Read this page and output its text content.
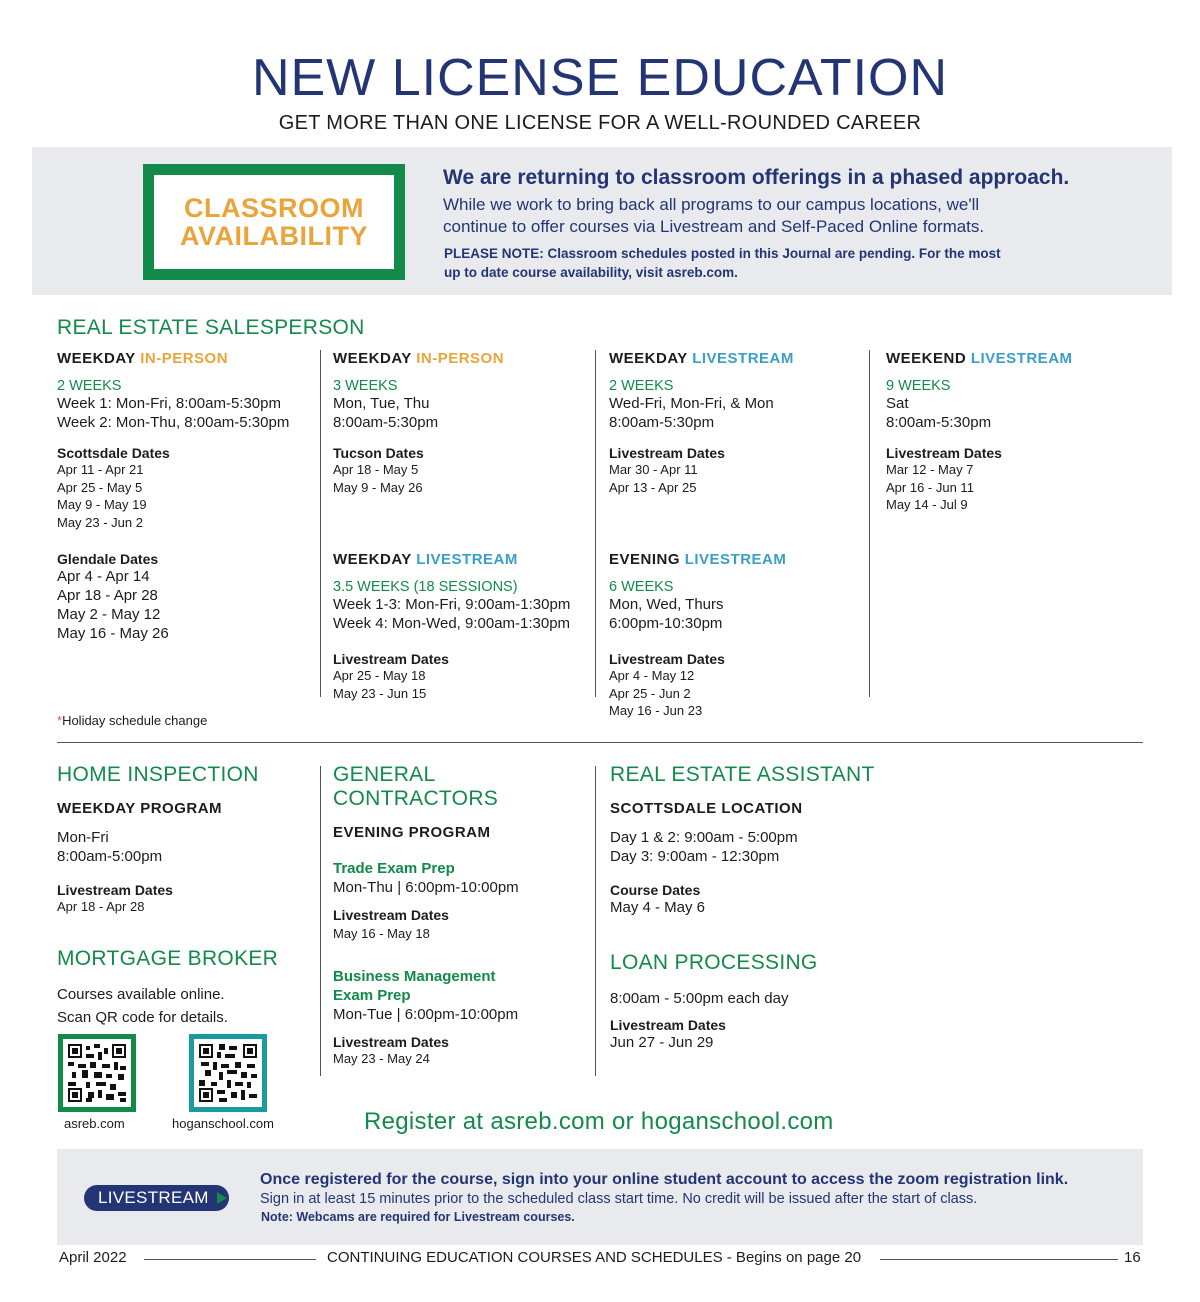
NEW LICENSE EDUCATION
GET MORE THAN ONE LICENSE FOR A WELL-ROUNDED CAREER
CLASSROOM
AVAILABILITY
We are returning to classroom offerings in a phased approach.
While we work to bring back all programs to our campus locations, we'll
continue to offer courses via Livestream and Self-Paced Online formats.
PLEASE NOTE: Classroom schedules posted in this Journal are pending. For the most
up to date course availability, visit asreb.com.
REAL ESTATE SALESPERSON
WEEKDAY IN-PERSON
2 WEEKS
Week 1: Mon-Fri, 8:00am-5:30pm
Week 2: Mon-Thu, 8:00am-5:30pm
Scottsdale Dates
Apr 11 - Apr 21
Apr 25 - May 5
May 9 - May 19
May 23 - Jun 2
Glendale Dates
Apr 4 - Apr 14
Apr 18 - Apr 28
May 2 - May 12
May 16 - May 26
*Holiday schedule change
WEEKDAY IN-PERSON
3 WEEKS
Mon, Tue, Thu
8:00am-5:30pm
Tucson Dates
Apr 18 - May 5
May 9 - May 26
WEEKDAY LIVESTREAM
3.5 WEEKS (18 SESSIONS)
Week 1-3: Mon-Fri, 9:00am-1:30pm
Week 4: Mon-Wed, 9:00am-1:30pm
Livestream Dates
Apr 25 - May 18
May 23 - Jun 15
WEEKDAY LIVESTREAM
2 WEEKS
Wed-Fri, Mon-Fri, & Mon
8:00am-5:30pm
Livestream Dates
Mar 30 - Apr 11
Apr 13 - Apr 25
EVENING LIVESTREAM
6 WEEKS
Mon, Wed, Thurs
6:00pm-10:30pm
Livestream Dates
Apr 4 - May 12
Apr 25 - Jun 2
May 16 - Jun 23
WEEKEND LIVESTREAM
9 WEEKS
Sat
8:00am-5:30pm
Livestream Dates
Mar 12 - May 7
Apr 16 - Jun 11
May 14 - Jul 9
HOME INSPECTION
WEEKDAY PROGRAM
Mon-Fri
8:00am-5:00pm
Livestream Dates
Apr 18 - Apr 28
MORTGAGE BROKER
Courses available online.
Scan QR code for details.
asreb.com	hoganschool.com
GENERAL CONTRACTORS
EVENING PROGRAM
Trade Exam Prep
Mon-Thu | 6:00pm-10:00pm
Livestream Dates
May 16 - May 18
Business Management
Exam Prep
Mon-Tue | 6:00pm-10:00pm
Livestream Dates
May 23 - May 24
REAL ESTATE ASSISTANT
SCOTTSDALE LOCATION
Day 1 & 2: 9:00am - 5:00pm
Day 3: 9:00am - 12:30pm
Course Dates
May 4 - May 6
LOAN PROCESSING
8:00am - 5:00pm each day
Livestream Dates
Jun 27 - Jun 29
Register at asreb.com or hoganschool.com
LIVESTREAM
Once registered for the course, sign into your online student account to access the zoom registration link.
Sign in at least 15 minutes prior to the scheduled class start time. No credit will be issued after the start of class.
Note: Webcams are required for Livestream courses.
April 2022	CONTINUING EDUCATION COURSES AND SCHEDULES - Begins on page 20	16
